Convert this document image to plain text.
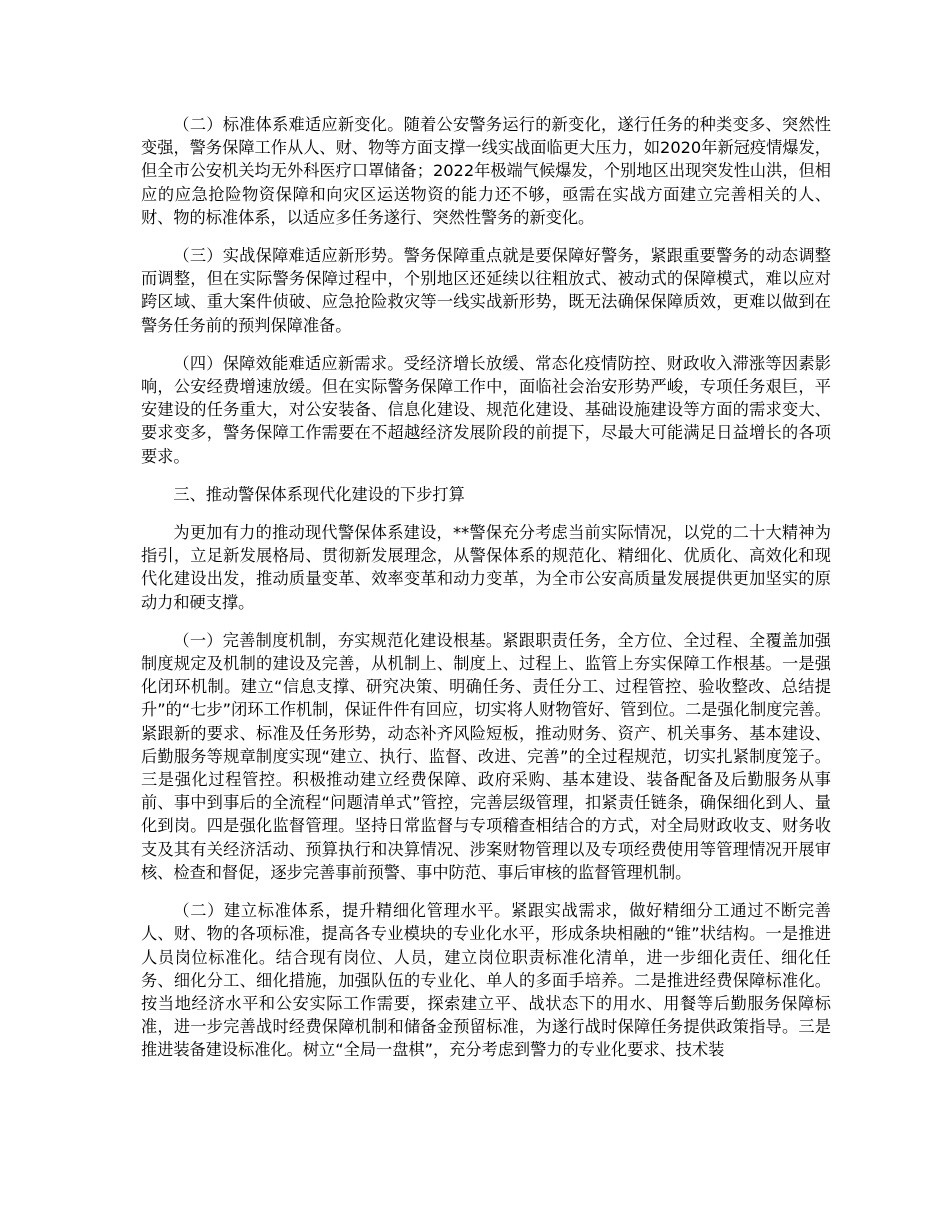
（二）标准体系难适应新变化。随着公安警务运行的新变化，遂行任务的种类变多、突然性变强，警务保障工作从人、财、物等方面支撑一线实战面临更大压力，如2020年新冠疫情爆发，但全市公安机关均无外科医疗口罩储备；2022年极端气候爆发，个别地区出现突发性山洪，但相应的应急抢险物资保障和向灾区运送物资的能力还不够，亟需在实战方面建立完善相关的人、财、物的标准体系，以适应多任务遂行、突然性警务的新变化。

（三）实战保障难适应新形势。警务保障重点就是要保障好警务，紧跟重要警务的动态调整而调整，但在实际警务保障过程中，个别地区还延续以往粗放式、被动式的保障模式，难以应对跨区域、重大案件侦破、应急抢险救灾等一线实战新形势，既无法确保保障质效，更难以做到在警务任务前的预判保障准备。

（四）保障效能难适应新需求。受经济增长放缓、常态化疫情防控、财政收入滞涨等因素影响，公安经费增速放缓。但在实际警务保障工作中，面临社会治安形势严峻，专项任务艰巨，平安建设的任务重大，对公安装备、信息化建设、规范化建设、基础设施建设等方面的需求变大、要求变多，警务保障工作需要在不超越经济发展阶段的前提下，尽最大可能满足日益增长的各项要求。

三、推动警保体系现代化建设的下步打算

为更加有力的推动现代警保体系建设，**警保充分考虑当前实际情况，以党的二十大精神为指引，立足新发展格局、贯彻新发展理念，从警保体系的规范化、精细化、优质化、高效化和现代化建设出发，推动质量变革、效率变革和动力变革，为全市公安高质量发展提供更加坚实的原动力和硬支撑。

（一）完善制度机制，夯实规范化建设根基。紧跟职责任务，全方位、全过程、全覆盖加强制度规定及机制的建设及完善，从机制上、制度上、过程上、监管上夯实保障工作根基。一是强化闭环机制。建立“信息支撑、研究决策、明确任务、责任分工、过程管控、验收整改、总结提升”的“七步”闭环工作机制，保证件件有回应，切实将人财物管好、管到位。二是强化制度完善。紧跟新的要求、标准及任务形势，动态补齐风险短板，推动财务、资产、机关事务、基本建设、后勤服务等规章制度实现“建立、执行、监督、改进、完善”的全过程规范，切实扎紧制度笼子。三是强化过程管控。积极推动建立经费保障、政府采购、基本建设、装备配备及后勤服务从事前、事中到事后的全流程“问题清单式”管控，完善层级管理，扣紧责任链条，确保细化到人、量化到岗。四是强化监督管理。坚持日常监督与专项稽查相结合的方式，对全局财政收支、财务收支及其有关经济活动、预算执行和决算情况、涉案财物管理以及专项经费使用等管理情况开展审核、检查和督促，逐步完善事前预警、事中防范、事后审核的监督管理机制。

（二）建立标准体系，提升精细化管理水平。紧跟实战需求，做好精细分工通过不断完善人、财、物的各项标准，提高各专业模块的专业化水平，形成条块相融的“锥”状结构。一是推进人员岗位标准化。结合现有岗位、人员，建立岗位职责标准化清单，进一步细化责任、细化任务、细化分工、细化措施，加强队伍的专业化、单人的多面手培养。二是推进经费保障标准化。按当地经济水平和公安实际工作需要，探索建立平、战状态下的用水、用餐等后勤服务保障标准，进一步完善战时经费保障机制和储备金预留标准，为遂行战时保障任务提供政策指导。三是推进装备建设标准化。树立“全局一盘棋”，充分考虑到警力的专业化要求、技术装
